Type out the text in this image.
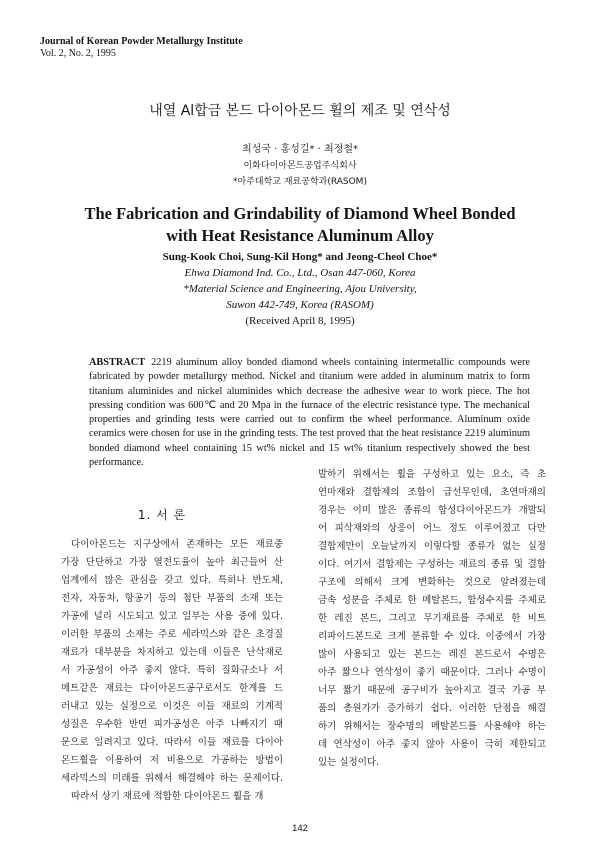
Journal of Korean Powder Metallurgy Institute
Vol. 2, No. 2, 1995
내열 Al합금 본드 다이아몬드 휠의 제조 및 연삭성
최성국 · 홍성길* · 최정철*
이화다이아몬드공업주식회사
*아주대학교 재료공학과(RASOM)
The Fabrication and Grindability of Diamond Wheel Bonded
with Heat Resistance Aluminum Alloy
Sung-Kook Choi, Sung-Kil Hong* and Jeong-Cheol Choe*
Ehwa Diamond Ind. Co., Ltd., Osan 447-060, Korea
*Material Science and Engineering, Ajou University,
Suwon 442-749, Korea (RASOM)
(Received April 8, 1995)
ABSTRACT 2219 aluminum alloy bonded diamond wheels containing intermetallic compounds were fabricated by powder metallurgy method. Nickel and titanium were added in aluminum matrix to form titanium aluminides and nickel aluminides which decrease the adhesive wear to work piece. The hot pressing condition was 600℃ and 20 Mpa in the furnace of the electric resistance type. The mechanical properties and grinding tests were carried out to confirm the wheel performance. Aluminum oxide ceramics were chosen for use in the grinding tests. The test proved that the heat resistance 2219 aluminum bonded diamond wheel containing 15 wt% nickel and 15 wt% titanium respectively showed the best performance.
1. 서 론
다이아몬드는 지구상에서 존재하는 모든 재료중
가장 단단하고 가장 열전도율이 높아 최근들어 산
업계에서 많은 관심을 갖고 있다. 특히나 반도체,
전자, 자동차, 항공기 등의 첨단 부품의 소재 또는
가공에 널리 시도되고 있고 일부는 사용 중에 있다.
이러한 부품의 소재는 주로 세라믹스와 같은 초경질
재료가 대부분을 차지하고 있는데 이들은 난삭재로
서 가공성이 아주 좋지 않다. 특히 질화규소나 서
메트같은 재료는 다이아몬드공구로서도 한계를 드
러내고 있는 실정으로 이것은 이들 재료의 기계적
성질은 우수한 반면 피가공성은 아주 나빠지기 때
문으로 일려지고 있다. 따라서 이들 재료를 다이아
몬드휠을 이용하여 저 비용으로 가공하는 방법이
세라믹스의 미래를 위해서 해결해야 하는 문제이다.
따라서 상기 재료에 적합한 다이아몬드 휠을 개
발하기 위해서는 휠을 구성하고 있는 요소, 즉 초
연마재와 결합제의 조합이 급선무인데, 초연마재의
경우는 이미 많은 종류의 합성다이아몬드가 개발되
어 피삭재와의 상응이 어느 정도 이루어졌고 다만
결합제만이 오늘날까지 이렇다할 종류가 없는 실정
이다. 여기서 결합제는 구성하는 재료의 종류 및 결합
구조에 의해서 크게 변화하는 것으로 알려졌는데
금속 성분을 주체로 한 메탈본드, 합성수지를 주체로
한 레진 본드, 그리고 무기재료를 주체로 한 비트
리파이드본드로 크게 분류할 수 있다. 이중에서 가장
많이 사용되고 있는 본드는 레진 본드로서 수명은
아주 짧으나 연삭성이 좋기 때문이다. 그러나 수명이
너무 짧기 때문에 공구비가 높아지고 결국 가공 부
품의 총원가가 증가하기 쉽다. 이러한 단점을 해결
하기 위해서는 장수명의 메탈본드를 사용해야 하는
데 연삭성이 아주 좋지 않아 사용이 극히 제한되고
있는 실정이다.
142
